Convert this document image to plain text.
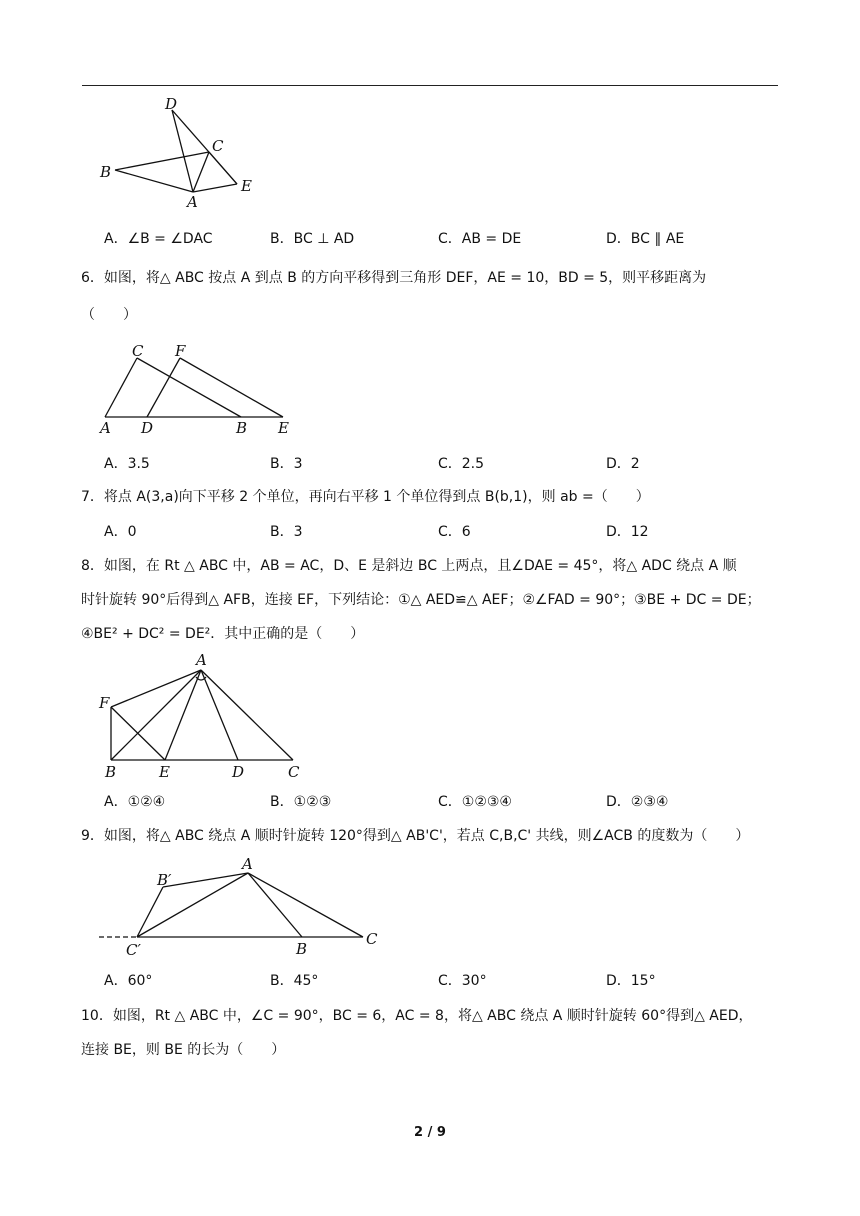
D
C
B
E
A
A．∠B = ∠DAC	B．BC ⊥ AD	C．AB = DE	D．BC ∥ AE
6．如图，将△ ABC 按点 A 到点 B 的方向平移得到三角形 DEF，AE = 10，BD = 5，则平移距离为
（　　）
C F
A D	B E
A．3.5	B．3	C．2.5	D．2
7．将点 A(3,a)向下平移 2 个单位，再向右平移 1 个单位得到点 B(b,1)，则 ab =（　　）
A．0	B．3	C．6	D．12
8．如图，在 Rt △ ABC 中，AB = AC，D、E 是斜边 BC 上两点，且∠DAE = 45°，将△ ADC 绕点 A 顺
时针旋转 90°后得到△ AFB，连接 EF，下列结论：①△ AED≌△ AEF；②∠FAD = 90°；③BE + DC = DE；
④BE² + DC² = DE²．其中正确的是（　　）
A
F
B	E	D	C
A．①②④	B．①②③	C．①②③④	D．②③④
9．如图，将△ ABC 绕点 A 顺时针旋转 120°得到△ AB'C'，若点 C,B,C' 共线，则∠ACB 的度数为（　　）
B′
A
C′	B
C
A．60°	B．45°	C．30°	D．15°
10．如图，Rt △ ABC 中，∠C = 90°，BC = 6，AC = 8，将△ ABC 绕点 A 顺时针旋转 60°得到△ AED，
连接 BE，则 BE 的长为（　　）
2 / 9
